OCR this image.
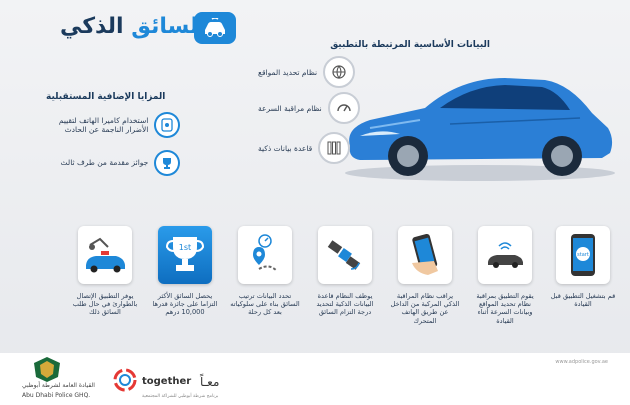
السائق الذكي
البيانات الأساسية المرتبطة بالتطبيق
نظام تحديد المواقع
نظام مراقبة السرعة
قاعدة بيانات ذكية
المزايا الإضافية المستقبلية
استخدام كاميرا الهاتف لتقييم الأضرار الناجمة عن الحادث
جوائز مقدمة من طرف ثالث
start
قم بتشغيل التطبيق قبل القيادة
يقوم التطبيق بمراقبة نظام تحديد المواقع وبيانات السرعة أثناء القيادة
يراقب نظام المراقبة الذكي المركبة من الداخل عن طريق الهاتف المتحرك
يوظف النظام قاعدة البيانات الذكية لتحديد درجة التزام السائق
تحدد البيانات ترتيب السائق بناء على سلوكياته بعد كل رحلة
1st
يحصل السائق الأكثر التزاما على جائزة قدرها 10,000 درهم
يوفر التطبيق الإتصال بالطوارئ في حال طلب السائق ذلك
القيادة العامة لشرطة أبوظبي
Abu Dhabi Police GHQ.
together معـاً
برنامج شرطة أبوظبي للشراكة المجتمعية
www.adpolice.gov.ae
